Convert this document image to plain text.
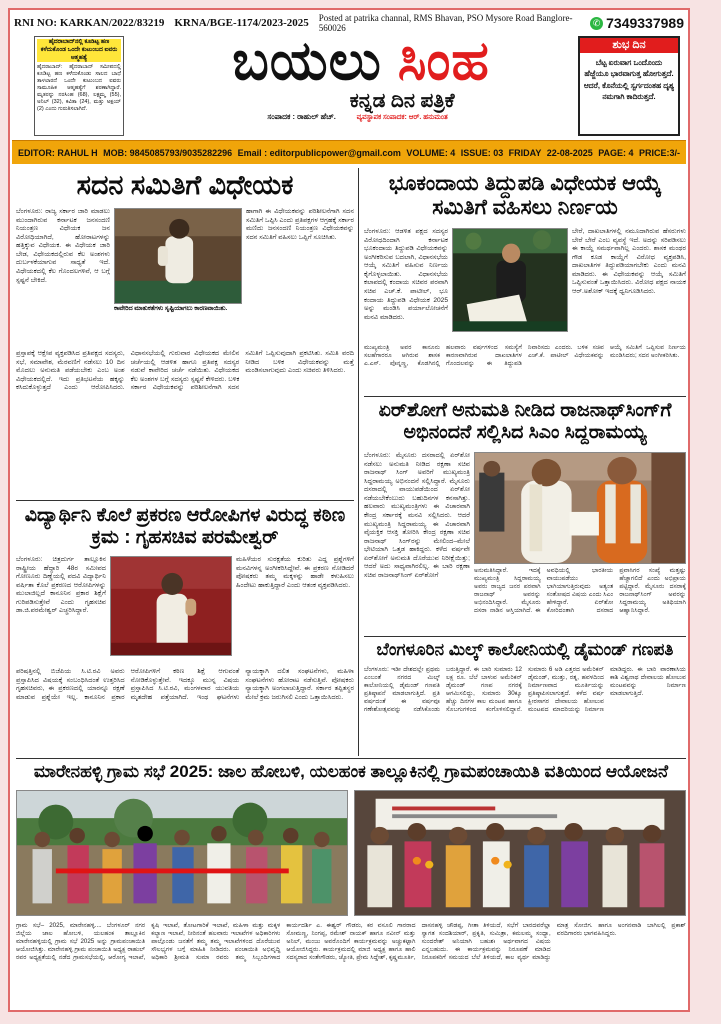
RNI NO: KARKAN/2022/83219 KRNA/BGE-1174/2023-2025 Posted at patrika channal, RMS Bhavan, PSO Mysore Road Banglore-560026
✆ 7349337989
ಹೈದರಾಬಾದ್‌ನಲ್ಲಿ ಕೂಡಿಟ್ಟ ಹಣ ಕಳೆದುಕೊಂಡ ಒಂದೇ ಕುಟುಂಬದ ಐವರು ಆತ್ಮಹತ್ಯೆ
ಹೈದರಾಬಾದ್: ಹೈದರಾಬಾದ್ ಸಮೀಪದಲ್ಲಿ ಕೂಡಿಟ್ಟ ಹಣ ಕಳೆದುಕೊಂಡು ಸಾಲದ ಬಾಧೆ ತಾಳಲಾರದೆ ಒಂದೇ ಕುಟುಂಬದ ಐವರು ಸಾಮೂಹಿಕ ಆತ್ಮಹತ್ಯೆಗೆ ಶರಣಾಗಿದ್ದಾರೆ. ಮೃತರನ್ನು ನರಸಿಂಹ (68), ಲಕ್ಷ್ಮಮ್ಮ (55), ಅನಿಲ್ (32), ಕವಿತಾ (24), ಮತ್ತು ಅಕ್ಷಯ್ (2) ಎಂದು ಗುರುತಿಸಲಾಗಿದೆ.
ಬಯಲು ಸಿಂಹ
ಸಂಪಾದಕ : ರಾಹುಲ್ ಹೆಚ್.
ಕನ್ನಡ ದಿನ ಪತ್ರಿಕೆ
ವ್ಯವಸ್ಥಾಪಕ ಸಂಪಾದಕ: ಆರ್. ಹನುಮಂತ
ಶುಭ ದಿನ
ಬೆಟ್ಟ ಏರುವಾಗ ಒಂದೊಂದು ಹೆಜ್ಜೆಯೂ ಭಾರವಾಗುತ್ತ ಹೋಗುತ್ತದೆ. ಆದರೆ, ಕೊನೆಯಲ್ಲಿ ಸ್ವರ್ಗದಂತಹ ದೃಶ್ಯ ನಮಗಾಗಿ ಕಾದಿರುತ್ತದೆ.
EDITOR: RAHUL H MOB: 9845085793/9035282296 Email : editorpublicpower@gmail.com VOLUME: 4 ISSUE: 03 FRIDAY 22-08-2025 PAGE: 4 PRICE:3/-
ಸದನ ಸಮಿತಿಗೆ ವಿಧೇಯಕ
ಬೆಂಗಳೂರು: ರಾಜ್ಯ ಸರ್ಕಾರ ಜಾರಿ ಮಾಡಲು ಮುಂದಾಗಿರುವ ಕರ್ನಾಟಕ ಜನಸಂದಣಿ ನಿಯಂತ್ರಣ ವಿಧೇಯಕ ಜನ ವಿರೋಧಿಯಾಗಿದೆ, ಹೋರಾಟಗಳನ್ನು ಹತ್ತಿಕ್ಕುವ ವಿಧೇಯಕ. ಈ ವಿಧೇಯಕ ಜಾರಿ ಬೇಡ, ವಿಧೇಯಕದಲ್ಲಿರುವ ಕೆಲ ಅಂಶಗಳು ದುರ್ಬಳಕೆಯಾಗುವ ಸಾಧ್ಯತೆ ಇದೆ. ವಿಧೇಯಕದಲ್ಲಿ ಕೆಲ ಗೊಂದಲಗಳಿವೆ, ಆ ಬಗ್ಗೆ ಸ್ಪಷ್ಟನೆ ಬೇಕಿದೆ.
ಕಾವೇರಿದ ಮಾತುಕತೆಗಳು ಸೃಷ್ಟಿಯಾಗಲು ಕಾರಣವಾಯಿತು.
ಹಾಗಾಗಿ ಈ ವಿಧೇಯಕವನ್ನು ಪರಿಶೀಲನೆಗಾಗಿ ಸದನ ಸಮಿತಿಗೆ ಒಪ್ಪಿಸಿ ಎಂದು ಪ್ರತಿಪಕ್ಷಗಳ ಆಗ್ರಹಕ್ಕೆ ಸರ್ಕಾರ ಮಣಿದು ಜನಸಂದಣಿ ನಿಯಂತ್ರಣ ವಿಧೇಯಕವನ್ನು ಸದನ ಸಮಿತಿಗೆ ವಹಿಸಲು ಒಪ್ಪಿಗೆ ಸೂಚಿಸಿತು.
ಪ್ರಸ್ತಾಪಕ್ಕೆ ಆಕ್ಷೇಪ ವ್ಯಕ್ತಪಡಿಸಿದ ಪ್ರತಿಪಕ್ಷದ ಸದಸ್ಯರು, ಸಭೆ, ಸಮಾವೇಶ, ಮೆರವಣಿಗೆ ನಡೆಸಲು 10 ದಿನ ಮೊದಲು ಅನುಮತಿ ಪಡೆಯಬೇಕು ಎಂಬ ಅಂಶ ವಿಧೇಯಕದಲ್ಲಿದೆ. ಇದು ಪ್ರತಿಭಟನೆಯ ಹಕ್ಕನ್ನು ಕಸಿದುಕೊಳ್ಳುತ್ತದೆ ಎಂದು ಆರೋಪಿಸಿದರು. ವಿಧಾನಸಭೆಯಲ್ಲಿ ಗುರುವಾರ ವಿಧೇಯಕದ ಮೇಲಿನ ಚರ್ಚೆಯಲ್ಲಿ ಆಡಳಿತ ಹಾಗೂ ಪ್ರತಿಪಕ್ಷ ಸದಸ್ಯರ ನಡುವೆ ಕಾವೇರಿದ ಚರ್ಚೆ ನಡೆಯಿತು. ವಿಧೇಯಕದ ಕೆಲ ಅಂಶಗಳ ಬಗ್ಗೆ ಸದಸ್ಯರು ಸ್ಪಷ್ಟನೆ ಕೇಳಿದರು. ಬಳಿಕ ಸರ್ಕಾರ ವಿಧೇಯಕವನ್ನು ಪರಿಶೀಲನೆಗಾಗಿ ಸದನ ಸಮಿತಿಗೆ ಒಪ್ಪಿಸುವುದಾಗಿ ಪ್ರಕಟಿಸಿತು. ಸಮಿತಿ ವರದಿ ನೀಡಿದ ಬಳಿಕ ವಿಧೇಯಕವನ್ನು ಮತ್ತೆ ಮಂಡಿಸಲಾಗುವುದು ಎಂದು ಸಚಿವರು ತಿಳಿಸಿದರು.
ವಿದ್ಯಾರ್ಥಿನಿ ಕೊಲೆ ಪ್ರಕರಣ ಆರೋಪಿಗಳ ವಿರುದ್ಧ ಕಠಿಣ ಕ್ರಮ : ಗೃಹಸಚಿವ ಪರಮೇಶ್ವರ್
ಬೆಂಗಳೂರು: ಚಿತ್ರದುರ್ಗ ತಾಲ್ಲೂಕಿನ ರಾಷ್ಟ್ರೀಯ ಹೆದ್ದಾರಿ 48ರ ಸಮೀಪದ ಗೋಣೂರು ದಿಣ್ಣೆಯಲ್ಲಿ ಪದವಿ ವಿದ್ಯಾರ್ಥಿನಿ ವರ್ಷಿತಾ ಕೊಲೆ ಪ್ರಕರಣದ ಆರೋಪಿಗಳನ್ನು ಮುಲಾಜಿಲ್ಲದೆ ಕಾನೂನಿನ ಪ್ರಕಾರ ಶಿಕ್ಷೆಗೆ ಗುರಿಪಡಿಸುತ್ತೇವೆ ಎಂದು ಗೃಹಸಚಿವ ಡಾ.ಜಿ.ಪರಮೇಶ್ವರ್ ಎಚ್ಚರಿಸಿದ್ದಾರೆ.
ಮಹಿಳೆಯರ ಸುರಕ್ಷತೆಯ ಕುರಿತು ಎದ್ದ ಪ್ರಶ್ನೆಗಳಿಗೆ ಮನವಿಗಳನ್ನ ಅಂಗೀಕರಿಸಿದ್ದೇವೆ. ಈ ಪ್ರಕರಣ ನೋಡಿದರೆ ಪೋಷಕರು ತಮ್ಮ ಮಕ್ಕಳನ್ನು ಹಾಡೇ ಕಳುಹಿಸಲು ಹಿಂದೇಟು ಹಾಕುತ್ತಿದ್ದಾರೆ ಎಂದು ಆತಂಕ ವ್ಯಕ್ತಪಡಿಸಿದರು.
ಪರಿಷತ್ತಿನಲ್ಲಿ ಬಿಜೆಪಿಯ ಸಿ.ಟಿ.ರವಿ ಅವರು ಪ್ರಸ್ತಾಪಿಸಿದ ವಿಷಯಕ್ಕೆ ಸಂಬಂಧಿಸಿದಂತೆ ಉತ್ತರಿಸಿದ ಗೃಹಸಚಿವರು, ಈ ಪ್ರಕರಣದಲ್ಲಿ ಯಾರನ್ನೂ ರಕ್ಷಣೆ ಮಾಡುವ ಪ್ರಶ್ನೆಯೇ ಇಲ್ಲ. ಕಾನೂನಿನ ಪ್ರಕಾರ ಆರೋಪಿಗಳಿಗೆ ಕಠಿಣ ಶಿಕ್ಷೆ ಆಗುವಂತೆ ನೋಡಿಕೊಳ್ಳುತ್ತೇವೆ. ಇದಕ್ಕೂ ಮುನ್ನ ವಿಷಯ ಪ್ರಸ್ತಾಪಿಸಿದ ಸಿ.ಟಿ.ರವಿ, ಮಂಗಳವಾರ ಯುವತಿಯ ಮೃತದೇಹ ಪತ್ತೆಯಾಗಿದೆ. ಇಂಥ ಘಟನೆಗಳು ನ್ಯಾಯಕ್ಕಾಗಿ ದಲಿತ ಸಂಘಟನೆಗಳು, ಮಹಿಳಾ ಸಂಘಟನೆಗಳು ಹೋರಾಟ ನಡೆಸುತ್ತಿವೆ. ಪೋಷಕರು ನ್ಯಾಯಕ್ಕಾಗಿ ಅಂಗಲಾಚುತ್ತಿದ್ದಾರೆ. ಸರ್ಕಾರ ತಪ್ಪಿತಸ್ಥರ ಮೇಲೆ ಕ್ರಮ ಜರುಗಿಸಲಿ ಎಂದು ಒತ್ತಾಯಿಸಿದರು.
ಭೂಕಂದಾಯ ತಿದ್ದುಪಡಿ ವಿಧೇಯಕ ಆಯ್ಕೆ ಸಮಿತಿಗೆ ವಹಿಸಲು ನಿರ್ಣಯ
ಬೆಂಗಳೂರು: ಆಡಳಿತ ಪಕ್ಷದ ಸದಸ್ಯರ ವಿರೋಧದಿಂದಾಗಿ ಕರ್ನಾಟಕ ಭೂಕಂದಾಯ ತಿದ್ದುಪಡಿ ವಿಧೇಯಕವನ್ನು ಅಂಗೀಕರಿಸುವ ಬದಲಾಗಿ, ವಿಧಾನಸಭೆಯ ಆಯ್ಕೆ ಸಮಿತಿಗೆ ವಹಿಸುವ ನಿರ್ಣಯ ಕೈಗೊಳ್ಳಲಾಯಿತು. ವಿಧಾನಸಭೆಯ ಕಲಾಪದಲ್ಲಿ ಕಂದಾಯ ಸಚಿವರ ಪರವಾಗಿ ಸಚಿವ ಎಚ್.ಕೆ. ಪಾಟೀಲ್, ಭೂ ಕಂದಾಯ ತಿದ್ದುಪಡಿ ವಿಧೇಯಕ 2025 ಅನ್ನು ಮಂಡಿಸಿ ಪರ್ಯಾಲೋಚನೆಗೆ ಮನವಿ ಮಾಡಿದರು.
ಬೇರೆ, ದಾಖಲಾತಿಗಳಲ್ಲಿ ನಮೂದಾಗಿರುವ ಹೆಸರುಗಳು ಬೇರೆ ಬೇರೆ ಎಂಬ ವ್ಯವಸ್ಥೆ ಇದೆ. ಅದನ್ನು ಸರಿಪಡಿಸಲು ಈ ಕಾಯ್ದೆ ಸಮರ್ಥವಾಗಿಲ್ಲ ಎಂದರು. ಶಾಸಕ ಮಂಥರ ಗೌಡ ಕೂಡ ಕಾಯ್ದೆಗೆ ವಿರೋಧ ವ್ಯಕ್ತಪಡಿಸಿ, ದಾಖಲಾತಿಗಳ ತಿದ್ದುಪಡಿಯಾಗಬೇಕು ಎಂದು ಮನವಿ ಮಾಡಿದರು. ಈ ವಿಧೇಯಕವನ್ನು ಆಯ್ಕೆ ಸಮಿತಿಗೆ ಒಪ್ಪಿಸುವಂತೆ ಒತ್ತಾಯಿಸಿದರು. ವಿರೋಧ ಪಕ್ಷದ ನಾಯಕ ಆರ್.ಅಶೋಕ್ ಇದಕ್ಕೆ ಧ್ವನಿಗೂಡಿಸಿದರು.
ಮುಖ್ಯಮಂತ್ರಿ ಅವರ ಕಾನೂನು ಸಲಹೆಗಾರರೂ ಆಗಿರುವ ಶಾಸಕ ಎ.ಎಸ್. ಪೊನ್ನಣ್ಣ, ಕೊಡಗಿನಲ್ಲಿ ಹಲವಾರು ವರ್ಷಗಳಿಂದ ಸಮಸ್ಯೆಗೆ ಕಾರಣವಾಗಿರುವ ದಾಖಲಾತಿಗಳ ಗೊಂದಲವನ್ನು ಈ ತಿದ್ದುಪಡಿ ನಿವಾರಿಸದು ಎಂದರು. ಬಳಿಕ ಸಚಿವ ಎಚ್.ಕೆ. ಪಾಟೀಲ್ ವಿಧೇಯಕವನ್ನು ಆಯ್ಕೆ ಸಮಿತಿಗೆ ಒಪ್ಪಿಸುವ ನಿರ್ಣಯ ಮಂಡಿಸಿದರು; ಸದನ ಅಂಗೀಕರಿಸಿತು.
ಏರ್‌ಶೋಗೆ ಅನುಮತಿ ನೀಡಿದ ರಾಜನಾಥ್‌ಸಿಂಗ್‌ಗೆ ಅಭಿನಂದನೆ ಸಲ್ಲಿಸಿದ ಸಿಎಂ ಸಿದ್ದರಾಮಯ್ಯ
ಬೆಂಗಳೂರು: ಮೈಸೂರು ದಸರಾದಲ್ಲಿ ಏರ್‌ಶೋ ನಡೆಸಲು ಅನುಮತಿ ನೀಡಿದ ರಕ್ಷಣಾ ಸಚಿವ ರಾಜನಾಥ್ ಸಿಂಗ್ ಅವರಿಗೆ ಮುಖ್ಯಮಂತ್ರಿ ಸಿದ್ದರಾಮಯ್ಯ ಅಭಿನಂದನೆ ಸಲ್ಲಿಸಿದ್ದಾರೆ. ಮೈಸೂರು ದಸರಾದಲ್ಲಿ ವಾಯುಪಡೆಯಿಂದ ಏರ್‌ಶೋ ನಡೆಯಬೇಕೆಂಬುದು ಬಹುದಿನಗಳ ಕನಸಾಗಿತ್ತು. ಹಲವಾರು ಮುಖ್ಯಮಂತ್ರಿಗಳು ಈ ವಿಚಾರವಾಗಿ ಕೇಂದ್ರ ಸರ್ಕಾರಕ್ಕೆ ಮನವಿ ಸಲ್ಲಿಸಿದರು. ಆದರೆ ಮುಖ್ಯಮಂತ್ರಿ ಸಿದ್ದರಾಮಯ್ಯ ಈ ವಿಚಾರವಾಗಿ ವೈಯಕ್ತಿಕ ಆಸಕ್ತಿ ತೋರಿಸಿ ಕೇಂದ್ರ ರಕ್ಷಣಾ ಸಚಿವ ರಾಜನಾಥ್ ಸಿಂಗ್‌ರನ್ನು ಮೇಲಿಂದ–ಮೇಲೆ ಭೇಟಿಯಾಗಿ ಒತ್ತಡ ಹಾಕಿದ್ದರು. ಕಳೆದ ವರ್ಷವೇ ಏರ್‌ಶೋಗೆ ಅನುಮತಿ ದೊರೆಯುವ ನಿರೀಕ್ಷೆಯಿತ್ತು; ಆದರೆ ಅದು ಸಾಧ್ಯವಾಗಿರಲಿಲ್ಲ. ಈ ಬಾರಿ ರಕ್ಷಣಾ ಸಚಿವ ರಾಜನಾಥ್‌ಸಿಂಗ್ ಏರ್‌ಶೋಗೆ
ಅನುಮತಿಸಿದ್ದಾರೆ. ಇದಕ್ಕೆ ಮುಖ್ಯಮಂತ್ರಿ ಸಿದ್ದರಾಮಯ್ಯ ಅವರು ರಾಜ್ಯದ ಜನರ ಪರವಾಗಿ ರಾಜನಾಥ್ ಅವರನ್ನು ಅಭಿನಂದಿಸಿದ್ದಾರೆ. ಮೈಸೂರು ದಸರಾ ನಾಡಿನ ಆಸ್ತಿಯಾಗಿದೆ. ಈ ಅವಧಿಯಲ್ಲಿ ಭಾರತೀಯ ವಾಯುಪಡೆಯು ಭಾಗಿಯಾಗುತ್ತಿರುವುದು ಅತ್ಯಂತ ಸಂತೋಷದ ವಿಷಯ ಎಂದು ಸಿಎಂ ಹೇಳಿದ್ದಾರೆ. ಏರ್‌ಶೋ ಕೋರಿದಂತಾಗಿ ದಸರಾದ ಪ್ರವಾಸಿಗರ ಸಂಖ್ಯೆ ಮತ್ತಷ್ಟು ಹೆಚ್ಚಾಗಲಿದೆ ಎಂದು ಅಭಿಪ್ರಾಯ ಪಟ್ಟಿದ್ದಾರೆ. ಮೈಸೂರು ದಸರಾಕ್ಕೆ ರಾಜನಾಥ್‌ಸಿಂಗ್ ಅವರನ್ನು ಸಿದ್ದರಾಮಯ್ಯ ಅತಿಥಿಯಾಗಿ ಆಹ್ವಾನಿಸಿದ್ದಾರೆ.
ಬೆಂಗಳೂರಿನ ಮಿಲ್ಕ್ ಕಾಲೋನಿಯಲ್ಲಿ ಡೈಮಂಡ್ ಗಣಪತಿ
ಬೆಂಗಳೂರು: ಇಡೀ ದೇಶದಲ್ಲೇ ಪ್ರಥಮ ಎಂಬಂತೆ ನಗರದ ಮಿಲ್ಕ್ ಕಾಲೋನಿಯಲ್ಲಿ ಡೈಮಂಡ್ ಗಣಪತಿ ಪ್ರತಿಷ್ಠಾಪನೆ ಮಾಡಲಾಗುತ್ತಿದೆ. ಪ್ರತಿ ವರ್ಷದಂತೆ ಈ ವರ್ಷವೂ ಗಣೇಶೋತ್ಸವವನ್ನು ನಡೆಸಿಕೊಂಡು ಬರುತ್ತಿದ್ದಾರೆ. ಈ ಬಾರಿ ಸುಮಾರು 12 ಲಕ್ಷ ರೂ. ಬೆಲೆ ಬಾಳುವ ಅಮೆರಿಕನ್ ಡೈಮಂಡ್ ಗಣಪ ನಗರಕ್ಕೆ ಆಗಮಿಸಲಿದ್ದು, ಸುಮಾರು 30ಕ್ಕೂ ಹೆಚ್ಚು ದಿನಗಳ ಕಾಲ ಮಂಟಪ ಹಾಗೂ ಸೊಬಗುಗಳಿಂದ ಕಂಗೊಳಿಸಲಿದ್ದಾನೆ. ಸುಮಾರು 6 ಅಡಿ ಎತ್ತರದ ಅಮೆರಿಕನ್ ಡೈಮಂಡ್, ಮುತ್ತು, ರತ್ನ, ಹವಳದಿಂದ ನಿರ್ಮಾಣವಾದ ಮೂರ್ತಿಯನ್ನು ಪ್ರತಿಷ್ಠಾಪಿಸಲಾಗುತ್ತದೆ. ಕಳೆದ ವರ್ಷ ಕ್ಷೀರಸಾಗರ ದೇವಾಲಯ ಹೋಲುವ ಮಂಟಪದ ಮಾದರಿಯನ್ನು ನಿರ್ಮಾಣ ಮಾಡಿದ್ದರು. ಈ ಬಾರಿ ವಾರಣಾಸಿಯ ಕಾಶಿ ವಿಶ್ವನಾಥ ದೇವಾಲಯ ಹೋಲುವ ಮಂಟಪವನ್ನು ನಿರ್ಮಾಣ ಮಾಡಲಾಗುತ್ತಿದೆ.
ಮಾರೇನಹಳ್ಳಿ ಗ್ರಾಮ ಸಭೆ 2025: ಜಾಲ ಹೋಬಳಿ, ಯಲಹಂಕ ತಾಲ್ಲೂಕಿನಲ್ಲಿ ಗ್ರಾಮಪಂಚಾಯಿತಿ ವತಿಯಿಂದ ಆಯೋಜನೆ
ಗ್ರಾಮ ಸಭೆ– 2025, ಮಾರೇನಹಳ್ಳಿ.... ಬೆಂಗಳೂರ್ ನಗರ ಜಿಲ್ಲೆಯ ಜಾಲ ಹೋಬಳಿ, ಯಲಹಂಕ ತಾಲ್ಲೂಕಿನ ಮಾರೇನಹಳ್ಳಿಯಲ್ಲಿ ಗ್ರಾಮ ಸಭೆ 2025 ಅನ್ನು ಗ್ರಾಮಪಂಚಾಯಿತಿ ಆಯೋಜಿಸಿತ್ತು. ಮಾರೇನಹಳ್ಳಿ ಗ್ರಾಮ ಪಂಚಾಯಿತಿ ಅಧ್ಯಕ್ಷ ರಾಹುಲ್ ರವರ ಅಧ್ಯಕ್ಷತೆಯಲ್ಲಿ ನಡೆದ ಗ್ರಾಮಸಭೆಯಲ್ಲಿ, ಆರೋಗ್ಯ ಇಲಾಖೆ, ಕೃಷಿ ಇಲಾಖೆ, ತೋಟಗಾರಿಕೆ ಇಲಾಖೆ, ಮಹಿಳಾ ಮತ್ತು ಮಕ್ಕಳ ಕಲ್ಯಾಣ ಇಲಾಖೆ, ನೀರಿನಂತೆ ಹಲವಾರು ಇಲಾಖೆಗಳ ಅಧಿಕಾರಿಗಳು ಪಾಲ್ಗೊಂಡು ಜನತೆಗೆ ತಮ್ಮ ತಮ್ಮ ಇಲಾಖೆಗಳಿಂದ ದೊರೆಯುವ ಸೌಲಭ್ಯಗಳ ಬಗ್ಗೆ ಮಾಹಿತಿ ನೀಡಿದರು. ಪಂಚಾಯಿತಿ ಅಭಿವೃದ್ಧಿ ಅಧಿಕಾರಿ ಶ್ರೀಮತಿ ಸುಮಾ ರವರು ತಮ್ಮ ಸಿಬ್ಬಂದಿಗಳಾದ ಕಾರ್ಯದರ್ಶಿ ಎ. ಈಶ್ವರ್ ಗೌಡರು, ಕರ ವಸೂಲಿ ಗಾರರಾದ ಸೋಮಣ್ಣ, ನಿಂಗಪ್ಪ, ರಮೇಶ್ ನಾಯಕ್ ಹಾಗೂ ನವೀನ್ ಮತ್ತು ಅನಿಲ್, ಮಂಜು ಅವರೊಂದಿಗೆ ಕಾರ್ಯಕ್ರಮವನ್ನು ಅಚ್ಚುಕಟ್ಟಾಗಿ ಆಯೋಜಿಸಿದ್ದರು. ಕಾರ್ಯಕ್ರಮದಲ್ಲಿ ಮಾಜಿ ಅಧ್ಯಕ್ಷ ಹಾಗೂ ಹಾಲಿ ಸದಸ್ಯರಾದ ಸಂತೇಗೌಡರು, ಜ್ಯೋತಿ, ಪ್ರೇಮ ಸಿದ್ದೇಶ್, ಕೃಷ್ಣಮೂರ್ತಿ, ದಾಸನಹಳ್ಳಿ ಚೌಡಪ್ಪ, ಗೀತಾ ತಿಳಿಯದೆ, ಸಭೆಗೆ ಬಾರದವರೆಲ್ಲಾ ಸ್ವಾಗತ ಸಂದಶಿಯಾರ್, ಪ್ರಕೃತಿ, ಸುಮಿತ್ರಾ, ಕಮಲಮ್ಮ ಸಂಧ್ಯಾ, ಸುಂದರೇಶ್ ಅನಿಯಾಗಿ ಬಹುಶಃ ಅರ್ಥವಾಗದ ವಿಷಯ ಎನ್ನಬಹುದು. ಈ ಕಾರ್ಯಕ್ರಮವನ್ನು ನಿರೂಪಣೆ ಮಾಡಿದ ನಿರೂಪಕರಿಗೆ ಸಮಯದ ಬೆಲೆ ತಿಳಿಯದೆ, ಕಾಲ ವ್ಯರ್ಥ ಮಾಡಿದ್ದು ಮಾತ್ರ ಸೋಜಿಗ. ಹಾಗೂ ಅಂಗನವಾಡಿ ಬಾಗಿಲಲ್ಲಿ ಪ್ರಕಾಶ್ ವರದಿಗಾರರು ಭಾಗವಹಿಸಿದ್ದರು.
